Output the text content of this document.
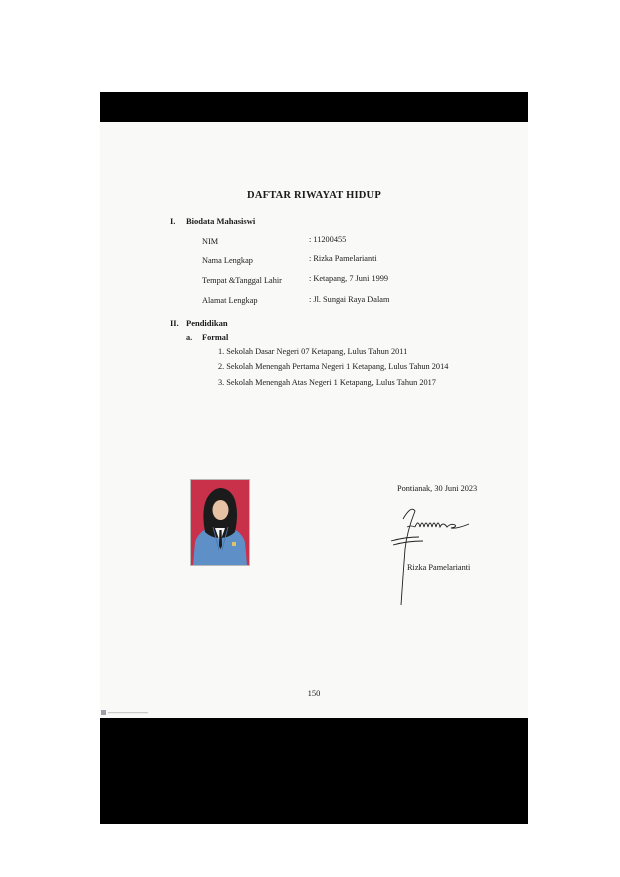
DAFTAR RIWAYAT HIDUP
I. Biodata Mahasiswi
NIM	: 11200455
Nama Lengkap	: Rizka Pamelarianti
Tempat &Tanggal Lahir	: Ketapang, 7 Juni 1999
Alamat Lengkap	: Jl. Sungai Raya Dalam
II. Pendidikan
a. Formal
1. Sekolah Dasar Negeri 07 Ketapang, Lulus Tahun 2011
2. Sekolah Menengah Pertama Negeri 1 Ketapang, Lulus Tahun 2014
3. Sekolah Menengah Atas Negeri 1 Ketapang, Lulus Tahun 2017
Pontianak, 30 Juni 2023
Rizka Pamelarianti
150
